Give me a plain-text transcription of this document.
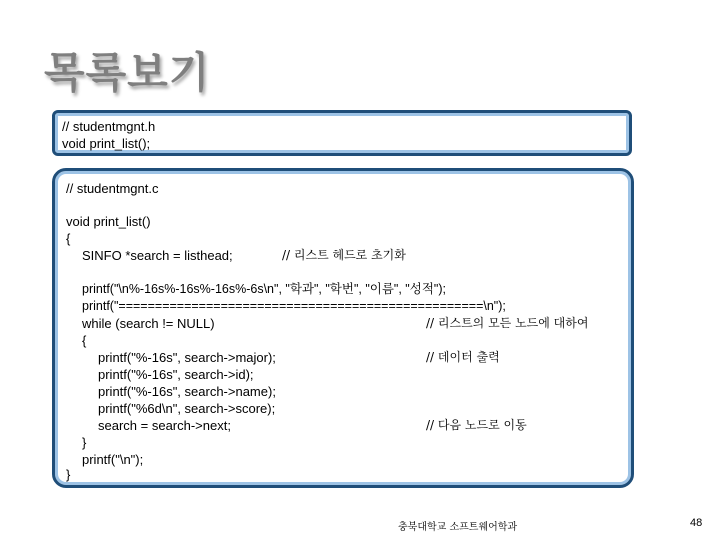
목록보기
// studentmgnt.h
void print_list();
// studentmgnt.c
void print_list()
{
SINFO *search = listhead;	// 리스트 헤드로 초기화
printf("\n%-16s%-16s%-16s%-6s\n", "학과", "학번", "이름", "성적");
printf("==================================================\n");
while (search != NULL)	// 리스트의 모든 노드에 대하여
{
printf("%-16s", search->major);	// 데이터 출력
printf("%-16s", search->id);
printf("%-16s", search->name);
printf("%6d\n", search->score);
search = search->next;	// 다음 노드로 이동
}
printf("\n");
}
충북대학교 소프트웨어학과	48
